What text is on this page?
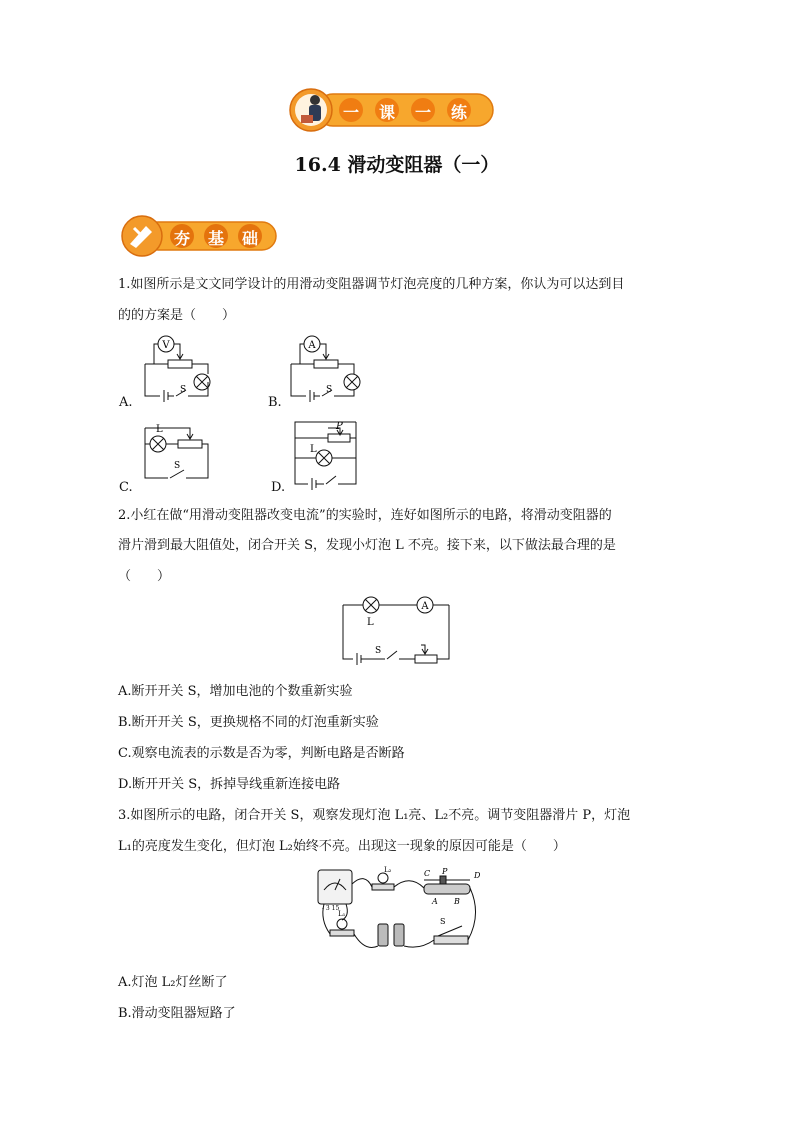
一 课 一 练
16.4 滑动变阻器（一）
夯 基 础
1.如图所示是文文同学设计的用滑动变阻器调节灯泡亮度的几种方案，你认为可以达到目
的的方案是（　　）
V
S
A.
A
S
B.
L
S
C.
P
L
D.
2.小红在做“用滑动变阻器改变电流”的实验时，连好如图所示的电路，将滑动变阻器的
滑片滑到最大阻值处，闭合开关 S，发现小灯泡 L 不亮。接下来，以下做法最合理的是
（　　）
A
L
S
A.断开开关 S，增加电池的个数重新实验
B.断开开关 S，更换规格不同的灯泡重新实验
C.观察电流表的示数是否为零，判断电路是否断路
D.断开开关 S，拆掉导线重新连接电路
3.如图所示的电路，闭合开关 S，观察发现灯泡 L₁亮、L₂不亮。调节变阻器滑片 P，灯泡
L₁的亮度发生变化，但灯泡 L₂始终不亮。出现这一现象的原因可能是（　　）
L₂
L₁
C P	D
A B
S
- 3 15
A.灯泡 L₂灯丝断了
B.滑动变阻器短路了
